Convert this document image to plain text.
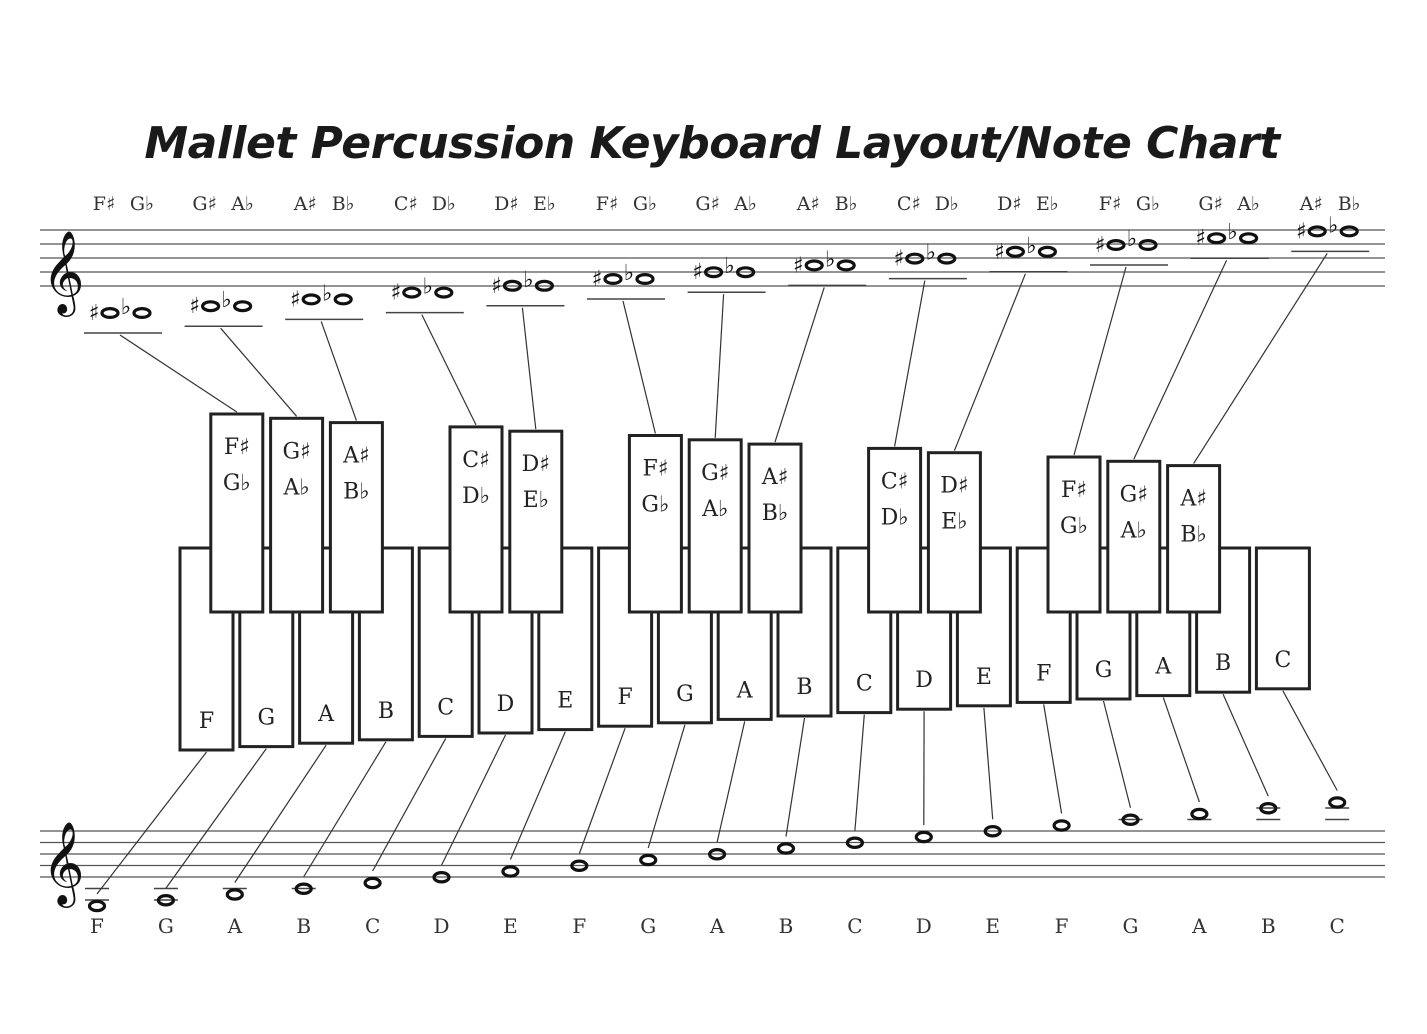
Mallet Percussion Keyboard Layout/Note Chart
𝄞 ♯ ♭
F♯ G♭
♯ ♭
G♯ A♭
♯ ♭
A♯ B♭
♯ ♭
C♯ D♭
♯ ♭
D♯ E♭
♯ ♭
F♯ G♭
♯ ♭
G♯ A♭
♯ ♭
A♯ B♭
♯ ♭
C♯ D♭
♯ ♭
D♯ E♭
♯ ♭
F♯ G♭
♯ ♭
G♯ A♭
♯ ♭
A♯ B♭
𝄞
F	G	A	B	C	D	E	F	G	A	B	C	D	E	F	G	A	B	C
F G A B C D E F G A B C D E F G A B C
F♯
G♭
G♯
A♭
A♯
B♭
C♯
D♭
D♯
E♭
F♯
G♭
G♯
A♭
A♯
B♭
C♯
D♭
D♯
E♭
F♯
G♭
G♯
A♭
A♯
B♭
